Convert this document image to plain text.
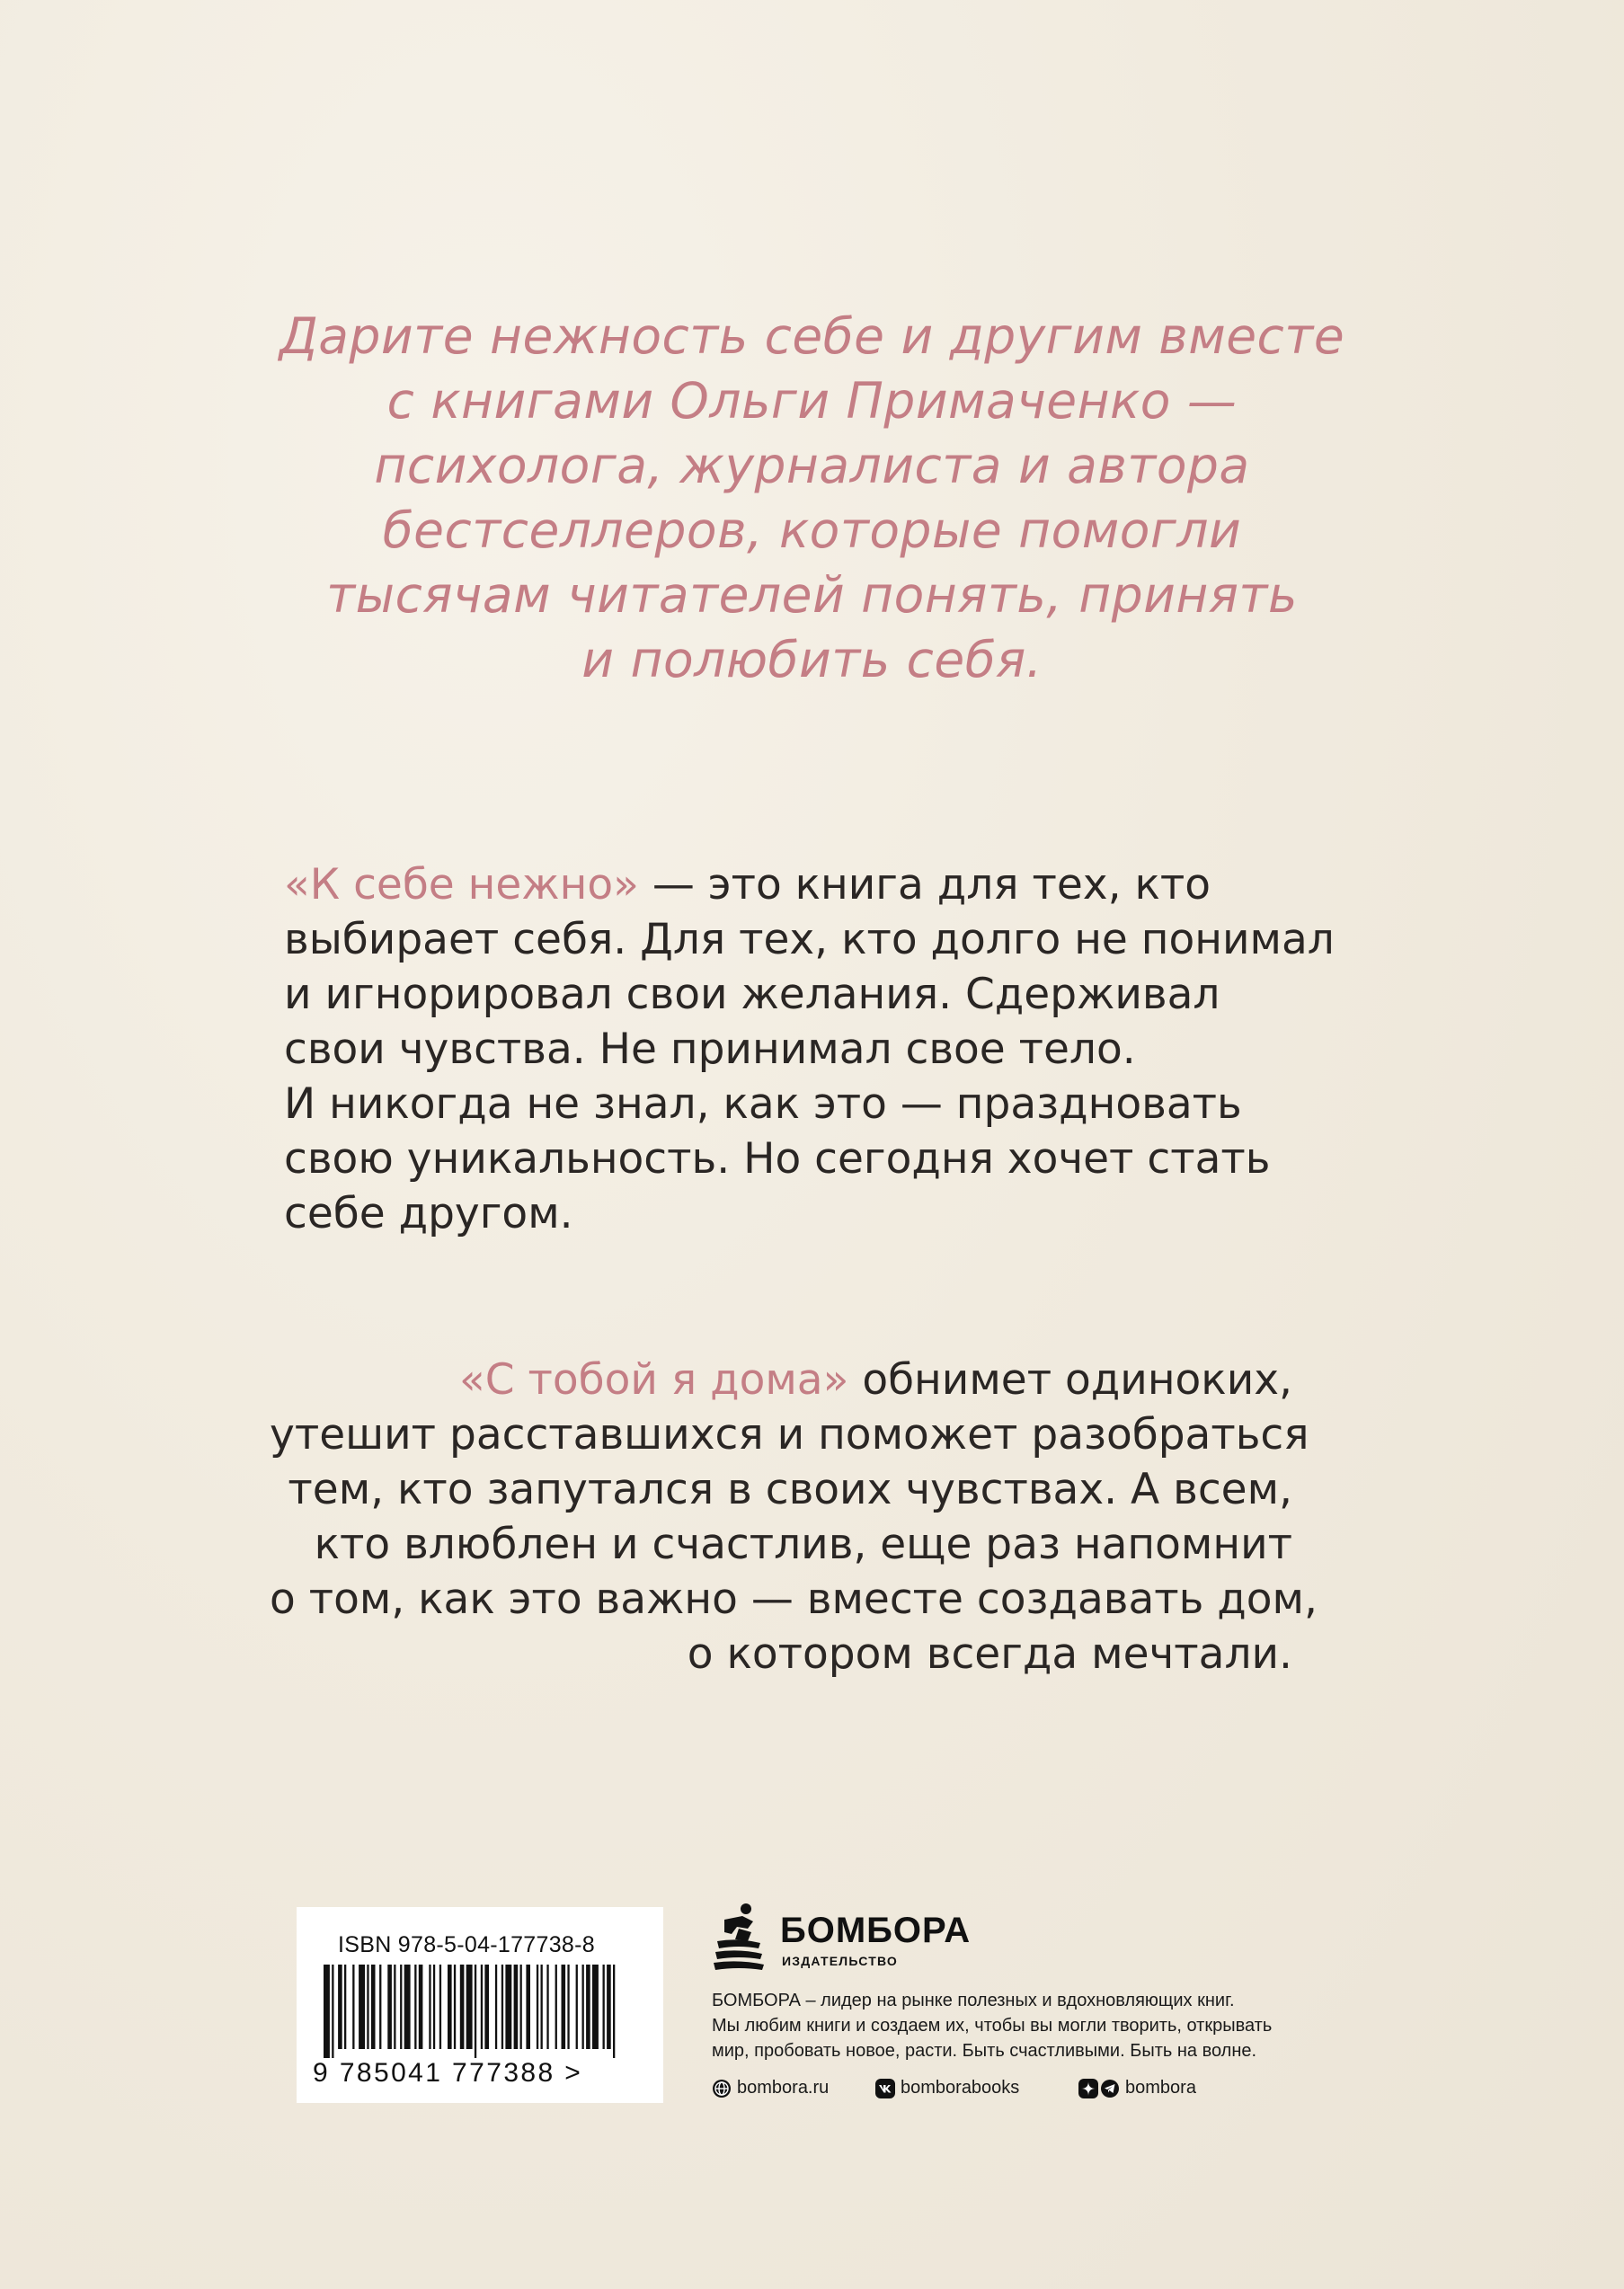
Дарите нежность себе и другим вместе
с книгами Ольги Примаченко —
психолога, журналиста и автора
бестселлеров, которые помогли
тысячам читателей понять, принять
и полюбить себя.
«К себе нежно» — это книга для тех, кто
выбирает себя. Для тех, кто долго не понимал
и игнорировал свои желания. Сдерживал
свои чувства. Не принимал свое тело.
И никогда не знал, как это — праздновать
свою уникальность. Но сегодня хочет стать
себе другом.
«С тобой я дома» обнимет одиноких,
утешит расставшихся и поможет разобраться
тем, кто запутался в своих чувствах. А всем,
кто влюблен и счастлив, еще раз напомнит
о том, как это важно — вместе создавать дом,
о котором всегда мечтали.
ISBN 978-5-04-177738-8
9 785041 777388 >
БОМБОРА
ИЗДАТЕЛЬСТВО
БОМБОРА – лидер на рынке полезных и вдохновляющих книг.
Мы любим книги и создаем их, чтобы вы могли творить, открывать
мир, пробовать новое, расти. Быть счастливыми. Быть на волне.
bombora.ru	bomborabooks	bombora
